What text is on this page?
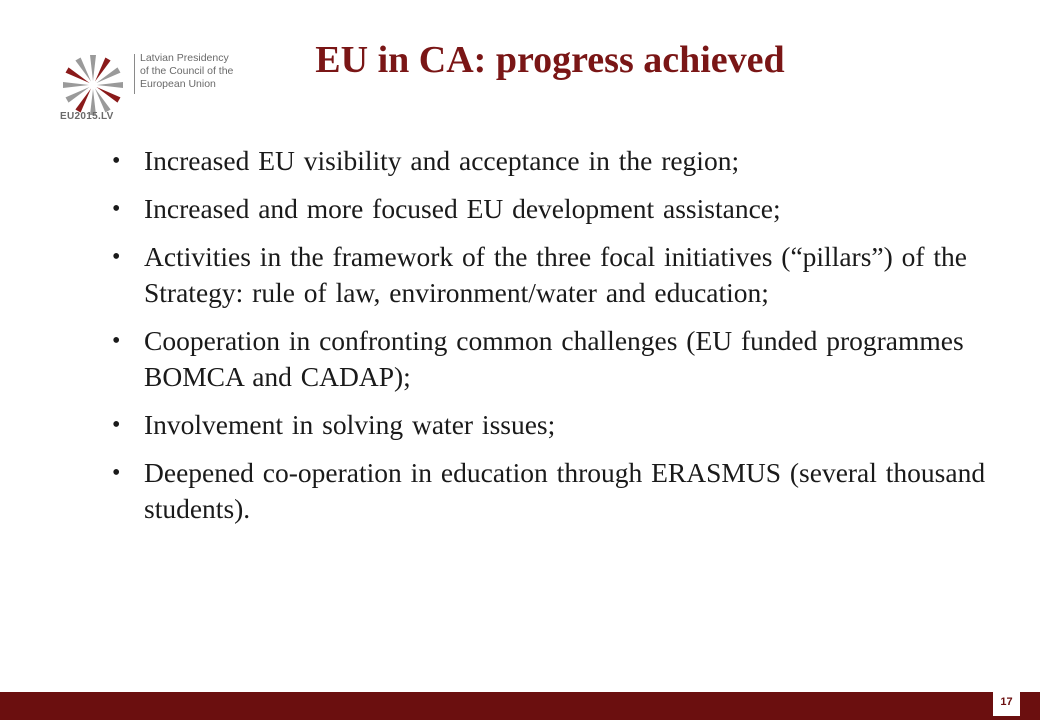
Latvian Presidency
of the Council of the
European Union
EU2015.LV
EU in CA: progress achieved
• Increased EU visibility and acceptance in the region;
• Increased and more focused EU development assistance;
• Activities in the framework of the three focal initiatives (“pillars”) of the Strategy: rule of law, environment/water and education;
• Cooperation in confronting common challenges (EU funded programmes BOMCA and CADAP);
• Involvement in solving water issues;
• Deepened co-operation in education through ERASMUS (several thousand students).
17
